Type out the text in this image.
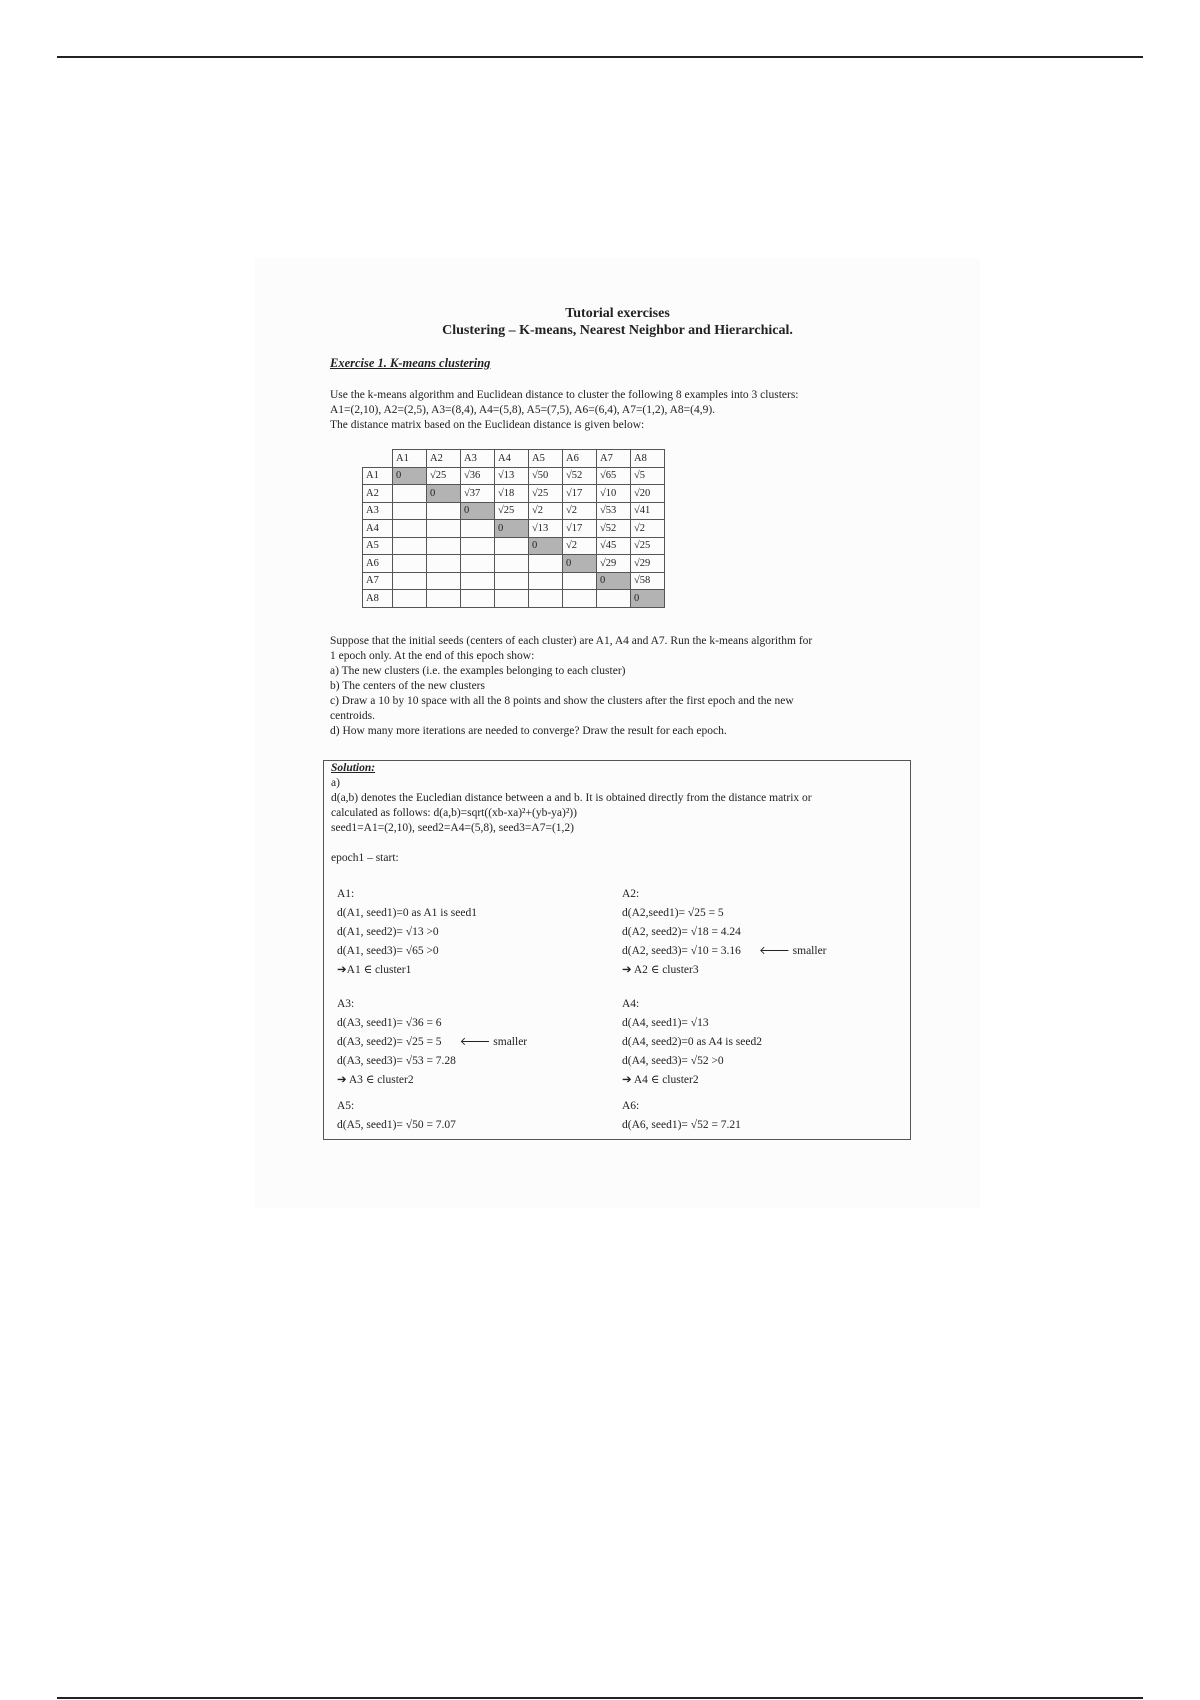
Tutorial exercises
Clustering – K-means, Nearest Neighbor and Hierarchical.
Exercise 1. K-means clustering
Use the k-means algorithm and Euclidean distance to cluster the following 8 examples into 3 clusters:
A1=(2,10), A2=(2,5), A3=(8,4), A4=(5,8), A5=(7,5), A6=(6,4), A7=(1,2), A8=(4,9).
The distance matrix based on the Euclidean distance is given below:
	A1	A2	A3	A4	A5	A6	A7	A8
A1	0	√25	√36	√13	√50	√52	√65	√5
A2		0	√37	√18	√25	√17	√10	√20
A3			0	√25	√2	√2	√53	√41
A4				0	√13	√17	√52	√2
A5					0	√2	√45	√25
A6						0	√29	√29
A7							0	√58
A8								0
Suppose that the initial seeds (centers of each cluster) are A1, A4 and A7. Run the k-means algorithm for
1 epoch only. At the end of this epoch show:
a) The new clusters (i.e. the examples belonging to each cluster)
b) The centers of the new clusters
c) Draw a 10 by 10 space with all the 8 points and show the clusters after the first epoch and the new
centroids.
d) How many more iterations are needed to converge? Draw the result for each epoch.
Solution:
a)
d(a,b) denotes the Eucledian distance between a and b. It is obtained directly from the distance matrix or
calculated as follows: d(a,b)=sqrt((xb-xa)²+(yb-ya)²))
seed1=A1=(2,10), seed2=A4=(5,8), seed3=A7=(1,2)
epoch1 – start:
A1:
d(A1, seed1)=0 as A1 is seed1
d(A1, seed2)= √13 >0
d(A1, seed3)= √65 >0
➔A1 ∈ cluster1
A2:
d(A2,seed1)= √25 = 5
d(A2, seed2)= √18 = 4.24
d(A2, seed3)= √10 = 3.16 🡐 smaller
➔ A2 ∈ cluster3
A3:
d(A3, seed1)= √36 = 6
d(A3, seed2)= √25 = 5 🡐 smaller
d(A3, seed3)= √53 = 7.28
➔ A3 ∈ cluster2
A4:
d(A4, seed1)= √13
d(A4, seed2)=0 as A4 is seed2
d(A4, seed3)= √52 >0
➔ A4 ∈ cluster2
A5:
d(A5, seed1)= √50 = 7.07
A6:
d(A6, seed1)= √52 = 7.21
